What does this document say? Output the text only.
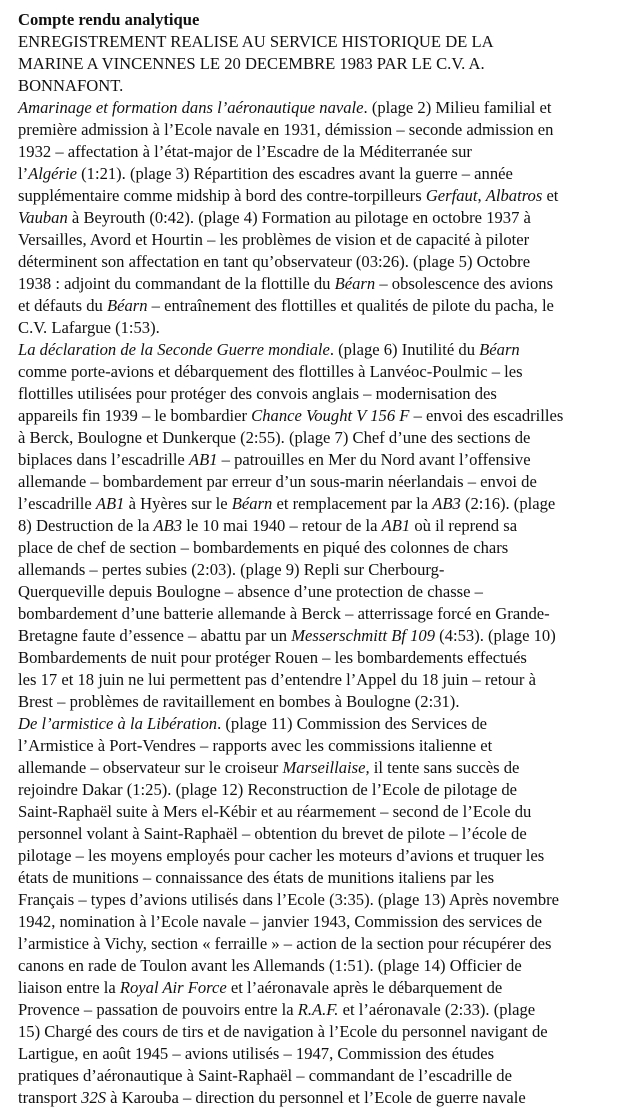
Compte rendu analytique
ENREGISTREMENT REALISE AU SERVICE HISTORIQUE DE LA
MARINE A VINCENNES LE 20 DECEMBRE 1983 PAR LE C.V. A.
BONNAFONT.
Amarinage et formation dans l’aéronautique navale. (plage 2) Milieu familial et
première admission à l’Ecole navale en 1931, démission – seconde admission en
1932 – affectation à l’état-major de l’Escadre de la Méditerranée sur
l’Algérie (1:21). (plage 3) Répartition des escadres avant la guerre – année
supplémentaire comme midship à bord des contre-torpilleurs Gerfaut, Albatros et
Vauban à Beyrouth (0:42). (plage 4) Formation au pilotage en octobre 1937 à
Versailles, Avord et Hourtin – les problèmes de vision et de capacité à piloter
déterminent son affectation en tant qu’observateur (03:26). (plage 5) Octobre
1938 : adjoint du commandant de la flottille du Béarn – obsolescence des avions
et défauts du Béarn – entraînement des flottilles et qualités de pilote du pacha, le
C.V. Lafargue (1:53).
La déclaration de la Seconde Guerre mondiale. (plage 6) Inutilité du Béarn
comme porte-avions et débarquement des flottilles à Lanvéoc-Poulmic – les
flottilles utilisées pour protéger des convois anglais – modernisation des
appareils fin 1939 – le bombardier Chance Vought V 156 F – envoi des escadrilles
à Berck, Boulogne et Dunkerque (2:55). (plage 7) Chef d’une des sections de
biplaces dans l’escadrille AB1 – patrouilles en Mer du Nord avant l’offensive
allemande – bombardement par erreur d’un sous-marin néerlandais – envoi de
l’escadrille AB1 à Hyères sur le Béarn et remplacement par la AB3 (2:16). (plage
8) Destruction de la AB3 le 10 mai 1940 – retour de la AB1 où il reprend sa
place de chef de section – bombardements en piqué des colonnes de chars
allemands – pertes subies (2:03). (plage 9) Repli sur Cherbourg-
Querqueville depuis Boulogne – absence d’une protection de chasse –
bombardement d’une batterie allemande à Berck – atterrissage forcé en Grande-
Bretagne faute d’essence – abattu par un Messerschmitt Bf 109 (4:53). (plage 10)
Bombardements de nuit pour protéger Rouen – les bombardements effectués
les 17 et 18 juin ne lui permettent pas d’entendre l’Appel du 18 juin – retour à
Brest – problèmes de ravitaillement en bombes à Boulogne (2:31).
De l’armistice à la Libération. (plage 11) Commission des Services de
l’Armistice à Port-Vendres – rapports avec les commissions italienne et
allemande – observateur sur le croiseur Marseillaise, il tente sans succès de
rejoindre Dakar (1:25). (plage 12) Reconstruction de l’Ecole de pilotage de
Saint-Raphaël suite à Mers el-Kébir et au réarmement – second de l’Ecole du
personnel volant à Saint-Raphaël – obtention du brevet de pilote – l’école de
pilotage – les moyens employés pour cacher les moteurs d’avions et truquer les
états de munitions – connaissance des états de munitions italiens par les
Français – types d’avions utilisés dans l’Ecole (3:35). (plage 13) Après novembre
1942, nomination à l’Ecole navale – janvier 1943, Commission des services de
l’armistice à Vichy, section « ferraille » – action de la section pour récupérer des
canons en rade de Toulon avant les Allemands (1:51). (plage 14) Officier de
liaison entre la Royal Air Force et l’aéronavale après le débarquement de
Provence – passation de pouvoirs entre la R.A.F. et l’aéronavale (2:33). (plage
15) Chargé des cours de tirs et de navigation à l’Ecole du personnel navigant de
Lartigue, en août 1945 – avions utilisés – 1947, Commission des études
pratiques d’aéronautique à Saint-Raphaël – commandant de l’escadrille de
transport 32S à Karouba – direction du personnel et l’Ecole de guerre navale
